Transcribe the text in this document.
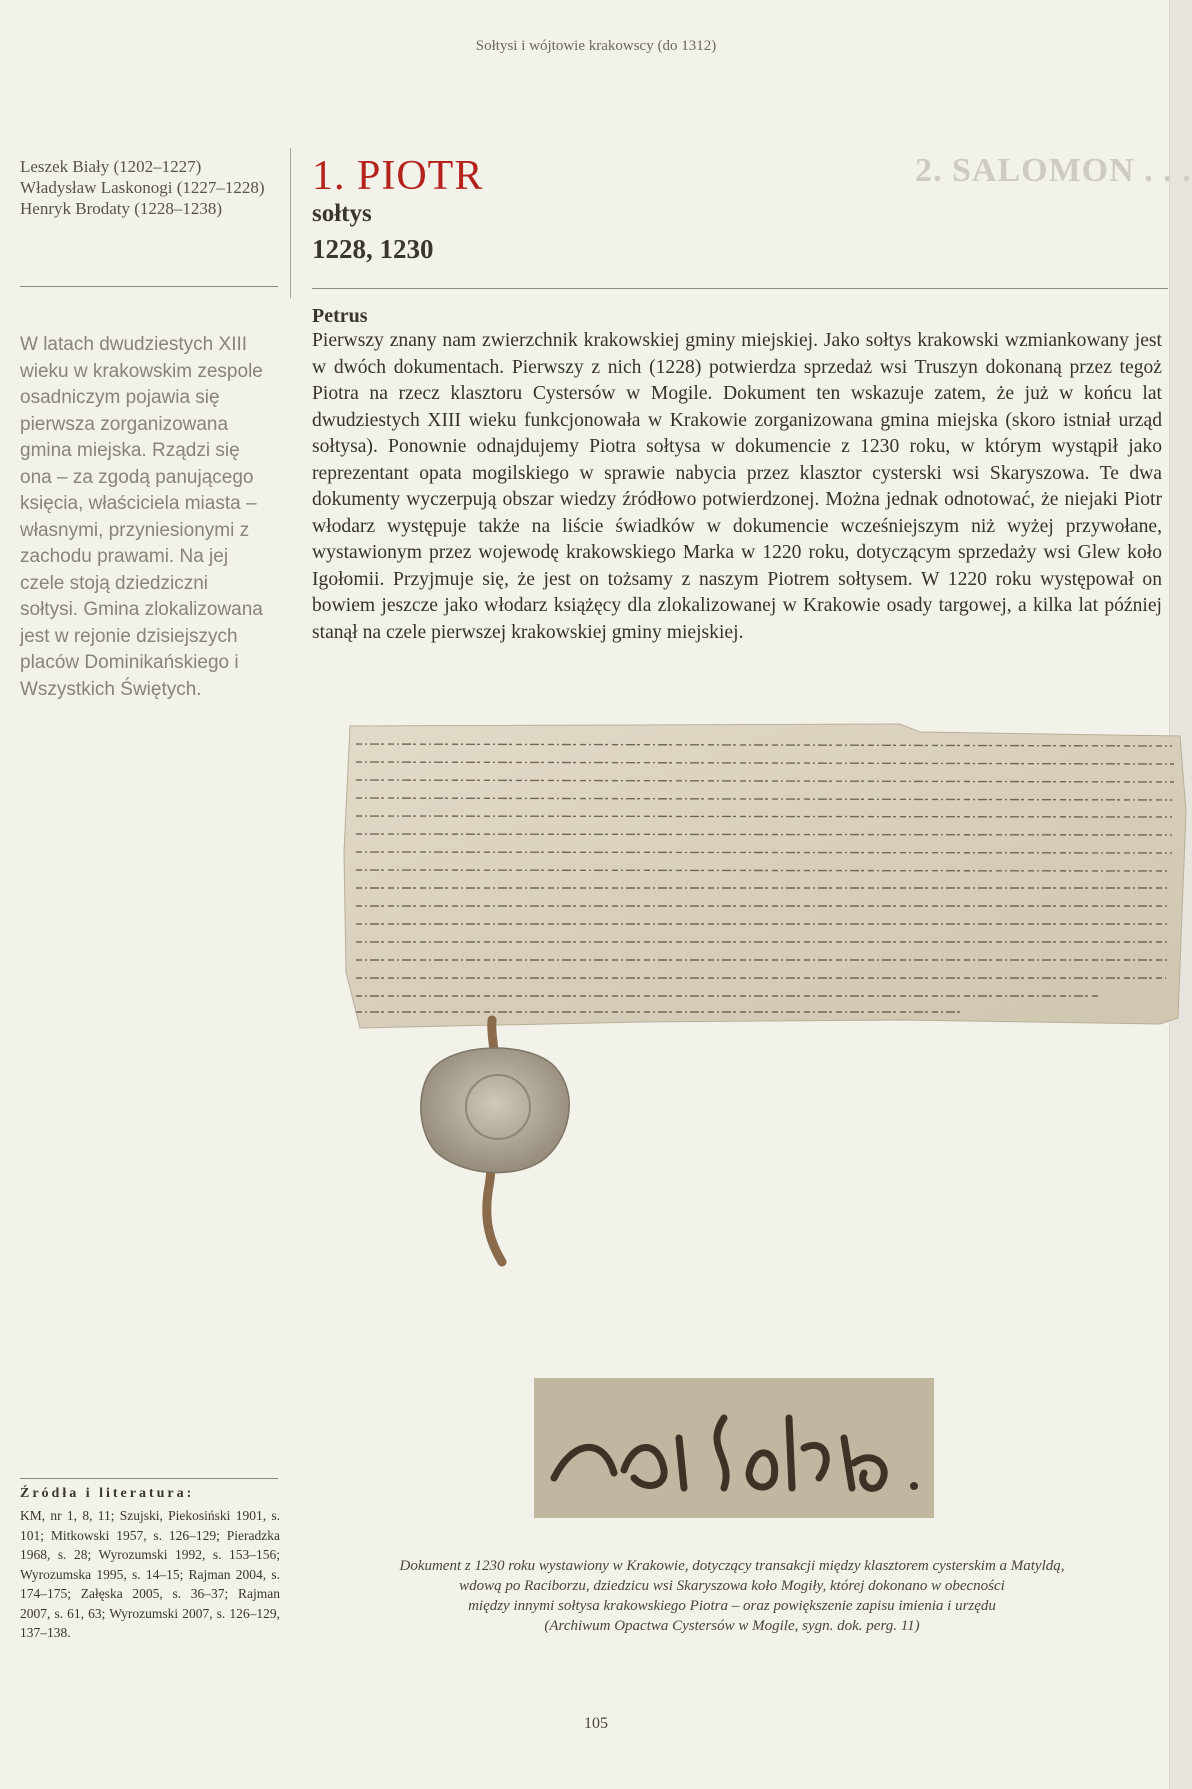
2. SALOMON . . .
Sołtysi i wójtowie krakowscy (do 1312)
Leszek Biały (1202–1227)
Władysław Laskonogi (1227–1228)
Henryk Brodaty (1228–1238)
1. PIOTR
sołtys
1228, 1230
Petrus
Pierwszy znany nam zwierzchnik krakowskiej gminy miejskiej. Jako sołtys krakowski wzmiankowany jest w dwóch dokumentach. Pierwszy z nich (1228) potwierdza sprzedaż wsi Truszyn dokonaną przez tegoż Piotra na rzecz klasztoru Cystersów w Mogile. Dokument ten wskazuje zatem, że już w końcu lat dwudziestych XIII wieku funkcjonowała w Krakowie zorganizowana gmina miejska (skoro istniał urząd sołtysa). Ponownie odnajdujemy Piotra sołtysa w dokumencie z 1230 roku, w którym wystąpił jako reprezentant opata mogilskiego w sprawie nabycia przez klasztor cysterski wsi Skaryszowa. Te dwa dokumenty wyczerpują obszar wiedzy źródłowo potwierdzonej. Można jednak odnotować, że niejaki Piotr włodarz występuje także na liście świadków w dokumencie wcześniejszym niż wyżej przywołane, wystawionym przez wojewodę krakowskiego Marka w 1220 roku, dotyczącym sprzedaży wsi Glew koło Igołomii. Przyjmuje się, że jest on tożsamy z naszym Piotrem sołtysem. W 1220 roku występował on bowiem jeszcze jako włodarz książęcy dla zlokalizowanej w Krakowie osady targowej, a kilka lat później stanął na czele pierwszej krakowskiej gminy miejskiej.
W latach dwudziestych XIII wieku w krakowskim zespole osadniczym pojawia się pierwsza zorganizowana gmina miejska. Rządzi się ona – za zgodą panującego księcia, właściciela miasta – własnymi, przyniesionymi z zachodu prawami. Na jej czele stoją dziedziczni sołtysi. Gmina zlokalizowana jest w rejonie dzisiejszych placów Dominikańskiego i Wszystkich Świętych.
Źródła i literatura:
KM, nr 1, 8, 11; Szujski, Piekosiński 1901, s. 101; Mitkowski 1957, s. 126–129; Pieradzka 1968, s. 28; Wyrozumski 1992, s. 153–156; Wyrozumska 1995, s. 14–15; Rajman 2004, s. 174–175; Załęska 2005, s. 36–37; Rajman 2007, s. 61, 63; Wyrozumski 2007, s. 126–129, 137–138.
Dokument z 1230 roku wystawiony w Krakowie, dotyczący transakcji między klasztorem cysterskim a Matyldą,
wdową po Raciborzu, dziedzicu wsi Skaryszowa koło Mogiły, której dokonano w obecności
między innymi sołtysa krakowskiego Piotra – oraz powiększenie zapisu imienia i urzędu
(Archiwum Opactwa Cystersów w Mogile, sygn. dok. perg. 11)
105
